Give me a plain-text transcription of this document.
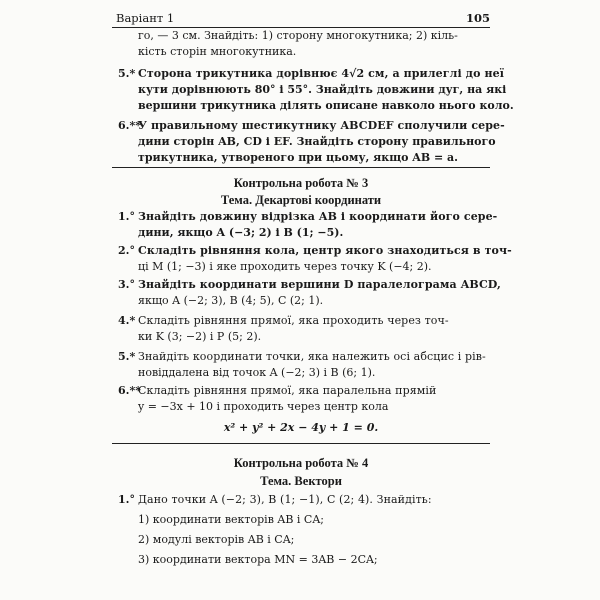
Варіант 1	105
го, — 3 см. Знайдіть: 1) сторону многокутника; 2) кіль-
кість сторін многокутника.
5.* Сторона трикутника дорівнює 4√2 см, а прилеглі до неї
кути дорівнюють 80° і 55°. Знайдіть довжини дуг, на які
вершини трикутника ділять описане навколо нього коло.
6.**
У правильному шестикутнику ABCDEF сполучили сере-
дини сторін AB, CD і EF. Знайдіть сторону правильного
трикутника, утвореного при цьому, якщо AB = a.
Контрольна робота № 3
Тема. Декартові координати
1.° Знайдіть довжину відрізка AB і координати його сере-
дини, якщо A (−3; 2) і B (1; −5).
2.° Складіть рівняння кола, центр якого знаходиться в точ-
ці M (1; −3) і яке проходить через точку K (−4; 2).
3.° Знайдіть координати вершини D паралелограма ABCD,
якщо A (−2; 3), B (4; 5), C (2; 1).
4.* Складіть рівняння прямої, яка проходить через точ-
ки K (3; −2) і P (5; 2).
5.* Знайдіть координати точки, яка належить осі абсцис і рів-
новіддалена від точок A (−2; 3) і B (6; 1).
6.**
Складіть рівняння прямої, яка паралельна прямій
y = −3x + 10 і проходить через центр кола
x² + y² + 2x − 4y + 1 = 0.
Контрольна робота № 4
Тема. Вектори
1.° Дано точки A (−2; 3), B (1; −1), C (2; 4). Знайдіть:
1) координати векторів AB і CA;
2) модулі векторів AB і CA;
3) координати вектора MN = 3AB − 2CA;
